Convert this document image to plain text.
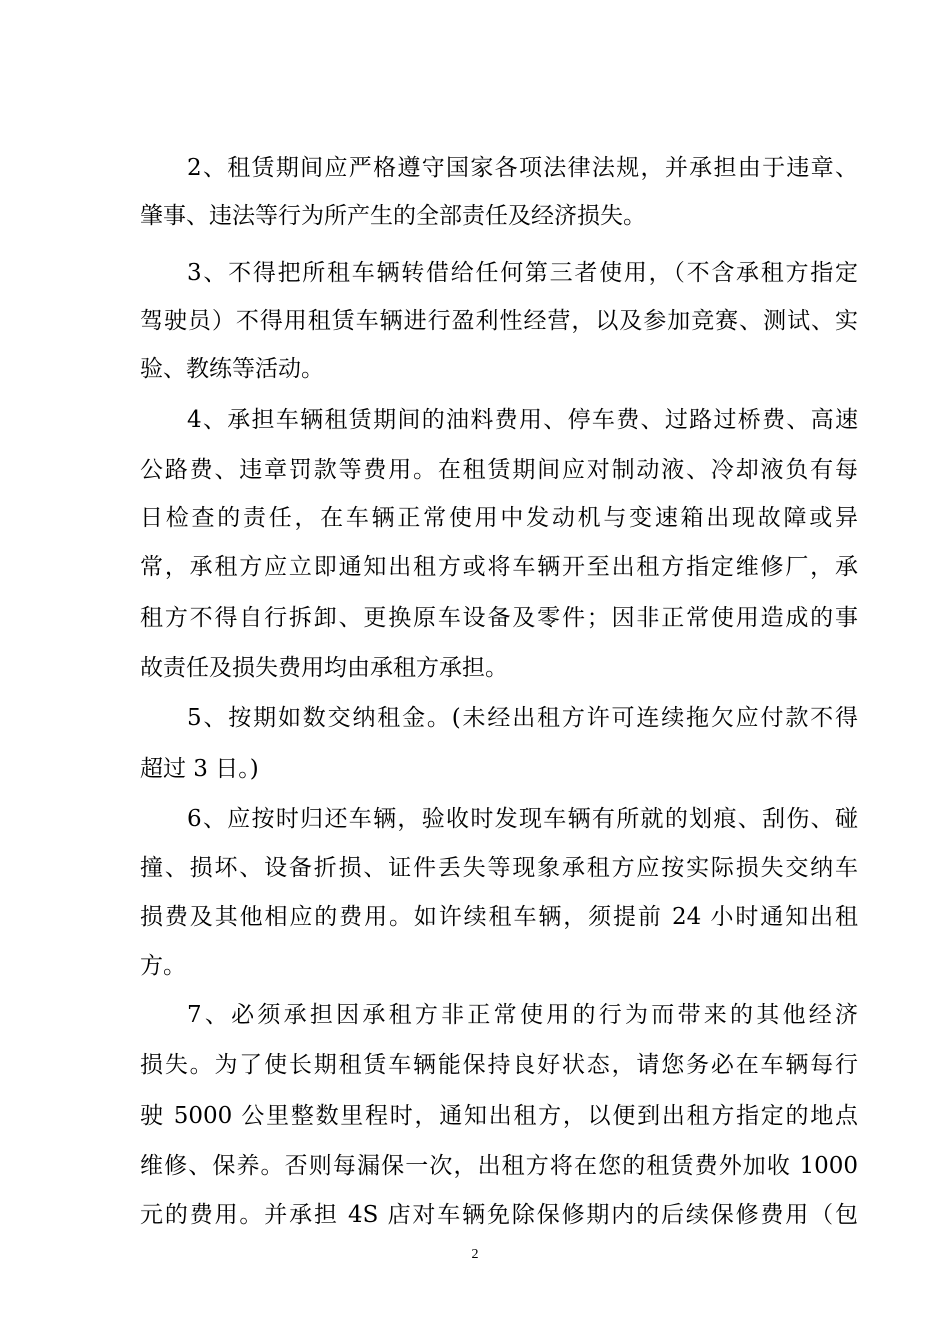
2、租赁期间应严格遵守国家各项法律法规，并承担由于违章、
肇事、违法等行为所产生的全部责任及经济损失。
3、不得把所租车辆转借给任何第三者使用，（不含承租方指定
驾驶员）不得用租赁车辆进行盈利性经营，以及参加竞赛、测试、实
验、教练等活动。
4、承担车辆租赁期间的油料费用、停车费、过路过桥费、高速
公路费、违章罚款等费用。在租赁期间应对制动液、冷却液负有每
日检查的责任，在车辆正常使用中发动机与变速箱出现故障或异
常，承租方应立即通知出租方或将车辆开至出租方指定维修厂，承
租方不得自行拆卸、更换原车设备及零件；因非正常使用造成的事
故责任及损失费用均由承租方承担。
5、按期如数交纳租金。(未经出租方许可连续拖欠应付款不得
超过 3 日。)
6、应按时归还车辆，验收时发现车辆有所就的划痕、刮伤、碰
撞、损坏、设备折损、证件丢失等现象承租方应按实际损失交纳车
损费及其他相应的费用。如许续租车辆，须提前 24 小时通知出租
方。
7、必须承担因承租方非正常使用的行为而带来的其他经济
损失。为了使长期租赁车辆能保持良好状态，请您务必在车辆每行
驶 5000 公里整数里程时，通知出租方，以便到出租方指定的地点
维修、保养。否则每漏保一次，出租方将在您的租赁费外加收 1000
元的费用。并承担 4S 店对车辆免除保修期内的后续保修费用（包
2
